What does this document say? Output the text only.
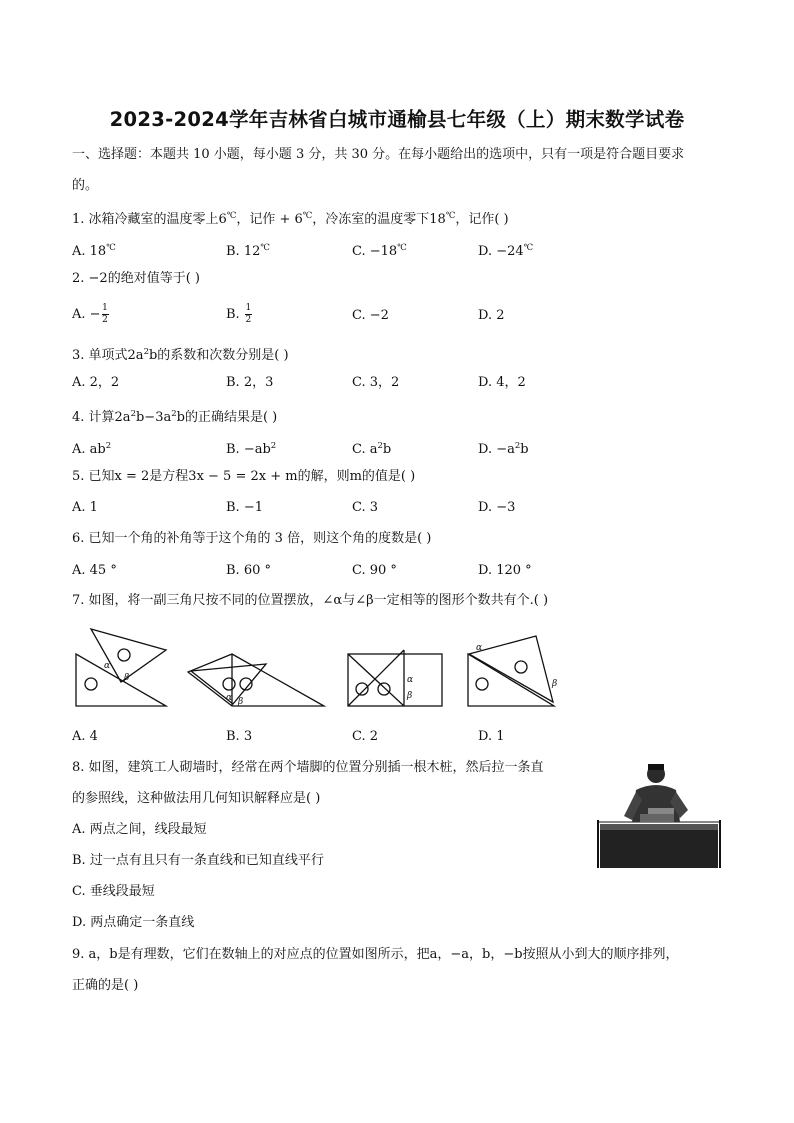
2023-2024学年吉林省白城市通榆县七年级（上）期末数学试卷
一、选择题：本题共 10 小题，每小题 3 分，共 30 分。在每小题给出的选项中，只有一项是符合题目要求
的。
1. 冰箱冷藏室的温度零上6℃，记作 + 6℃，冷冻室的温度零下18℃，记作( )
A. 18℃	B. 12℃	C. −18℃	D. −24℃
2. −2的绝对值等于( )
A. − $\frac{1}{2}$	B. $\frac{1}{2}$	C. −2	D. 2
3. 单项式$2a^2b$的系数和次数分别是( )
A. 2，2	B. 2，3	C. 3，2	D. 4，2
4. 计算$2a^2b-3a^2b$的正确结果是( )
A. $ab^2$	B. $-ab^2$	C. $a^2b$	D. $-a^2b$
5. 已知x = 2是方程3x − 5 = 2x + m的解，则m的值是( )
A. 1	B. −1	C. 3	D. −3
6. 已知一个角的补角等于这个角的 3 倍，则这个角的度数是( )
A. 45 °	B. 60 °	C. 90 °	D. 120 °
7. 如图，将一副三角尺按不同的位置摆放，∠α与∠β一定相等的图形个数共有个.( )
α
β
α β
α
β
α
β
A. 4	B. 3	C. 2	D. 1
8. 如图，建筑工人砌墙时，经常在两个墙脚的位置分别插一根木桩，然后拉一条直
的参照线，这种做法用几何知识解释应是( )
A. 两点之间，线段最短
B. 过一点有且只有一条直线和已知直线平行
C. 垂线段最短
D. 两点确定一条直线
9. a，b是有理数，它们在数轴上的对应点的位置如图所示，把a，−a，b，−b按照从小到大的顺序排列，
正确的是( )
